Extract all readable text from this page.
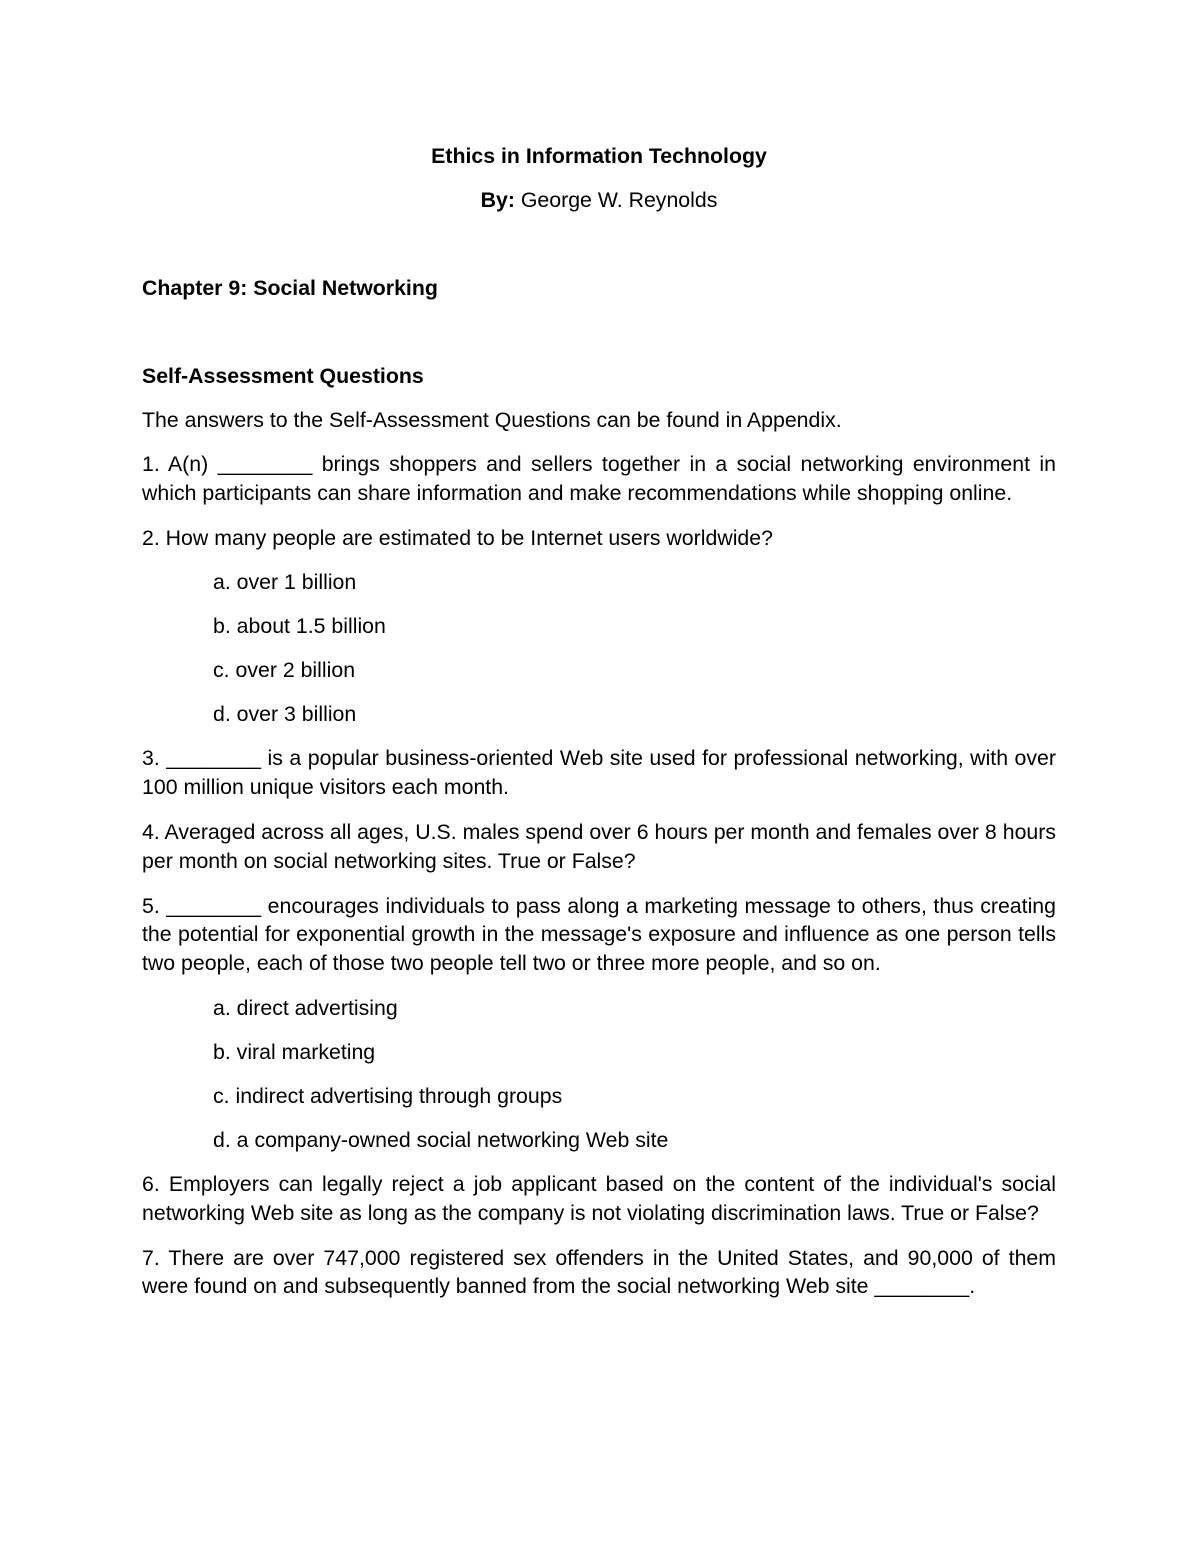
Ethics in Information Technology

By: George W. Reynolds

Chapter 9: Social Networking

Self-Assessment Questions

The answers to the Self-Assessment Questions can be found in Appendix.

1. A(n) ________ brings shoppers and sellers together in a social networking environment in which participants can share information and make recommendations while shopping online.

2. How many people are estimated to be Internet users worldwide?

a. over 1 billion
b. about 1.5 billion
c. over 2 billion
d. over 3 billion

3. ________ is a popular business-oriented Web site used for professional networking, with over 100 million unique visitors each month.

4. Averaged across all ages, U.S. males spend over 6 hours per month and females over 8 hours per month on social networking sites. True or False?

5. ________ encourages individuals to pass along a marketing message to others, thus creating the potential for exponential growth in the message's exposure and influence as one person tells two people, each of those two people tell two or three more people, and so on.

a. direct advertising
b. viral marketing
c. indirect advertising through groups
d. a company-owned social networking Web site

6. Employers can legally reject a job applicant based on the content of the individual's social networking Web site as long as the company is not violating discrimination laws. True or False?

7. There are over 747,000 registered sex offenders in the United States, and 90,000 of them were found on and subsequently banned from the social networking Web site ________.
